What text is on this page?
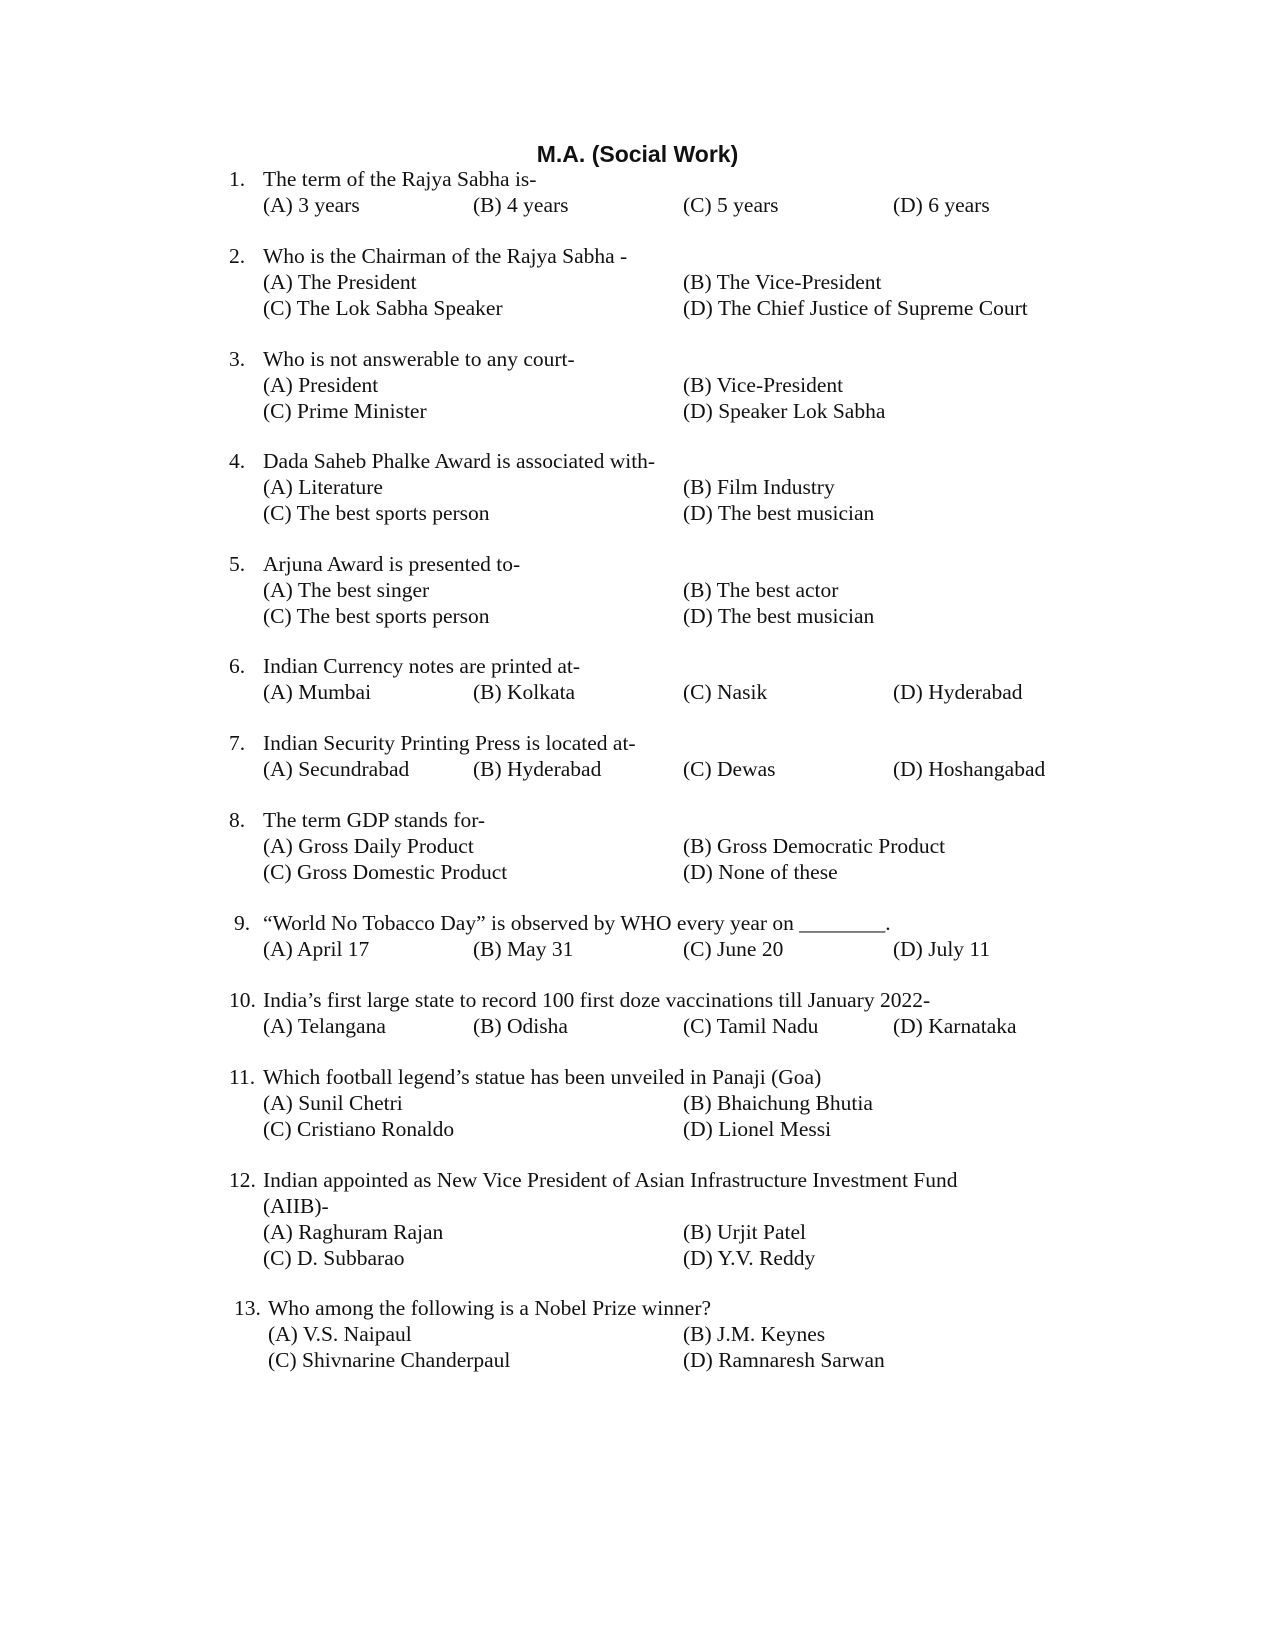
M.A. (Social Work)
1. The term of the Rajya Sabha is-
(A) 3 years	(B) 4 years	(C) 5 years	(D) 6 years
2. Who is the Chairman of the Rajya Sabha -
(A) The President	(B) The Vice-President
(C) The Lok Sabha Speaker	(D) The Chief Justice of Supreme Court
3. Who is not answerable to any court-
(A) President	(B) Vice-President
(C) Prime Minister	(D) Speaker Lok Sabha
4. Dada Saheb Phalke Award is associated with-
(A) Literature	(B) Film Industry
(C) The best sports person	(D) The best musician
5. Arjuna Award is presented to-
(A) The best singer	(B) The best actor
(C) The best sports person	(D) The best musician
6. Indian Currency notes are printed at-
(A) Mumbai	(B) Kolkata	(C) Nasik	(D) Hyderabad
7. Indian Security Printing Press is located at-
(A) Secundrabad	(B) Hyderabad	(C) Dewas	(D) Hoshangabad
8. The term GDP stands for-
(A) Gross Daily Product	(B) Gross Democratic Product
(C) Gross Domestic Product	(D) None of these
9. “World No Tobacco Day” is observed by WHO every year on ________.
(A) April 17	(B) May 31	(C) June 20	(D) July 11
10. India’s first large state to record 100 first doze vaccinations till January 2022-
(A) Telangana	(B) Odisha	(C) Tamil Nadu	(D) Karnataka
11. Which football legend’s statue has been unveiled in Panaji (Goa)
(A) Sunil Chetri	(B) Bhaichung Bhutia
(C) Cristiano Ronaldo	(D) Lionel Messi
12. Indian appointed as New Vice President of Asian Infrastructure Investment Fund
(AIIB)-
(A) Raghuram Rajan	(B) Urjit Patel
(C) D. Subbarao	(D) Y.V. Reddy
13. Who among the following is a Nobel Prize winner?
(A) V.S. Naipaul	(B) J.M. Keynes
(C) Shivnarine Chanderpaul	(D) Ramnaresh Sarwan
